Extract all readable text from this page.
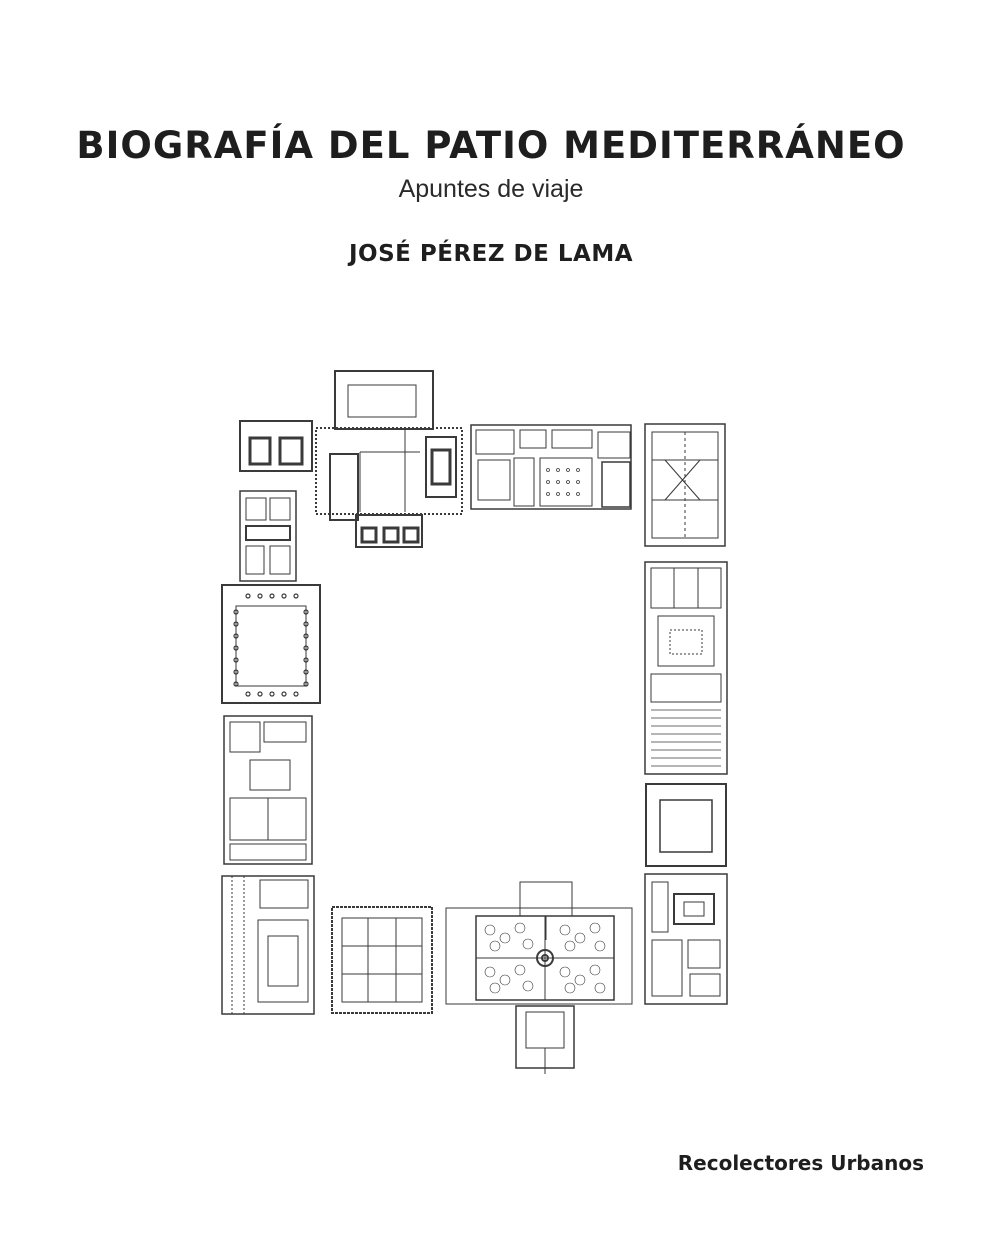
BIOGRAFÍA DEL PATIO MEDITERRÁNEO
Apuntes de viaje
JOSÉ PÉREZ DE LAMA
Recolectores Urbanos
